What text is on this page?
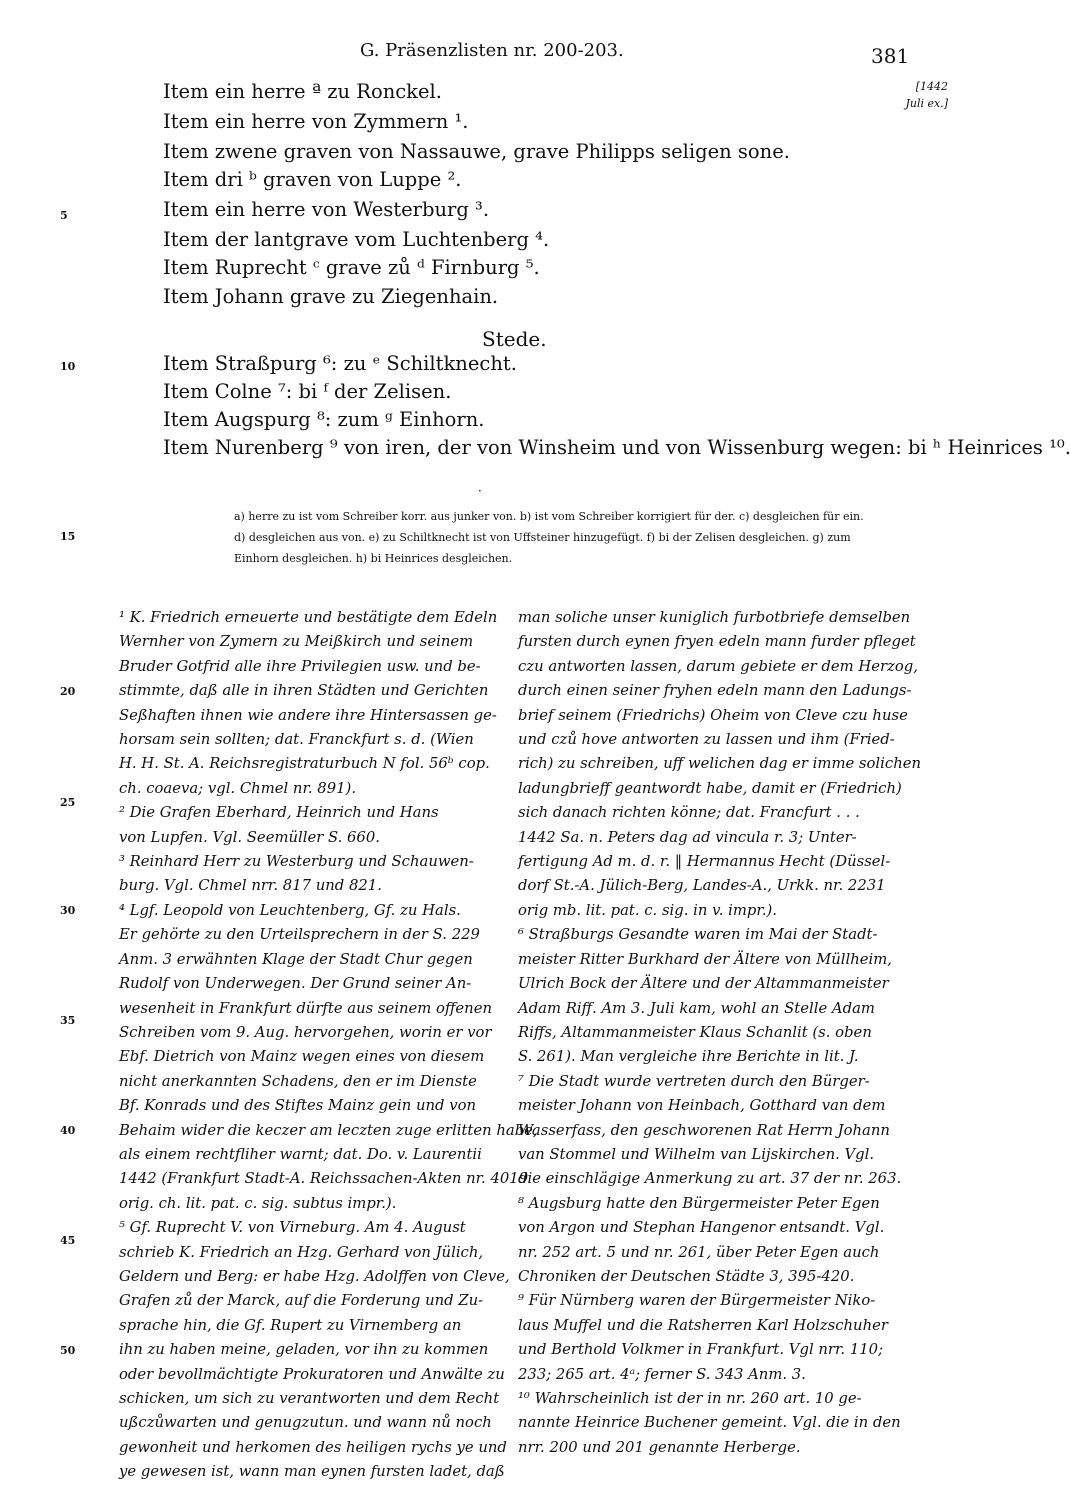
G. Präsenzlisten nr. 200-203.	381
[1442
Juli ex.]
Item ein herre ª zu Ronckel.
Item ein herre von Zymmern ¹.
Item zwene graven von Nassauwe, grave Philipps seligen sone.
Item dri ᵇ graven von Luppe ².
Item ein herre von Westerburg ³.
Item der lantgrave vom Luchtenberg ⁴.
Item Ruprecht ᶜ grave zů ᵈ Firnburg ⁵.
Item Johann grave zu Ziegenhain.
Stede.
Item Straßpurg ⁶: zu ᵉ Schiltknecht.
Item Colne ⁷: bi ᶠ der Zelisen.
Item Augspurg ⁸: zum ᵍ Einhorn.
Item Nurenberg ⁹ von iren, der von Winsheim und von Wissenburg wegen: bi ʰ Heinrices ¹⁰.
·
5
10
15
20
25
30
35
40
45
50
a) herre zu ist vom Schreiber korr. aus junker von. b) ist vom Schreiber korrigiert für der. c) desgleichen für ein.
d) desgleichen aus von. e) zu Schiltknecht ist von Uffsteiner hinzugefügt. f) bi der Zelisen desgleichen. g) zum
Einhorn desgleichen. h) bi Heinrices desgleichen.
¹ K. Friedrich erneuerte und bestätigte dem Edeln
Wernher von Zymern zu Meißkirch und seinem
Bruder Gotfrid alle ihre Privilegien usw. und be-
stimmte, daß alle in ihren Städten und Gerichten
Seßhaften ihnen wie andere ihre Hintersassen ge-
horsam sein sollten; dat. Franckfurt s. d. (Wien
H. H. St. A. Reichsregistraturbuch N fol. 56ᵇ cop.
ch. coaeva; vgl. Chmel nr. 891).
² Die Grafen Eberhard, Heinrich und Hans
von Lupfen. Vgl. Seemüller S. 660.
³ Reinhard Herr zu Westerburg und Schauwen-
burg. Vgl. Chmel nrr. 817 und 821.
⁴ Lgf. Leopold von Leuchtenberg, Gf. zu Hals.
Er gehörte zu den Urteilsprechern in der S. 229
Anm. 3 erwähnten Klage der Stadt Chur gegen
Rudolf von Underwegen. Der Grund seiner An-
wesenheit in Frankfurt dürfte aus seinem offenen
Schreiben vom 9. Aug. hervorgehen, worin er vor
Ebf. Dietrich von Mainz wegen eines von diesem
nicht anerkannten Schadens, den er im Dienste
Bf. Konrads und des Stiftes Mainz gein und von
Behaim wider die keczer am leczten zuge erlitten habe,
als einem rechtfliher warnt; dat. Do. v. Laurentii
1442 (Frankfurt Stadt-A. Reichssachen-Akten nr. 4019
orig. ch. lit. pat. c. sig. subtus impr.).
⁵ Gf. Ruprecht V. von Virneburg. Am 4. August
schrieb K. Friedrich an Hzg. Gerhard von Jülich,
Geldern und Berg: er habe Hzg. Adolffen von Cleve,
Grafen zů der Marck, auf die Forderung und Zu-
sprache hin, die Gf. Rupert zu Virnemberg an
ihn zu haben meine, geladen, vor ihn zu kommen
oder bevollmächtigte Prokuratoren und Anwälte zu
schicken, um sich zu verantworten und dem Recht
ußczůwarten und genugzutun. und wann nů noch
gewonheit und herkomen des heiligen rychs ye und
ye gewesen ist, wann man eynen fursten ladet, daß
man soliche unser kuniglich furbotbriefe demselben
fursten durch eynen fryen edeln mann furder pfleget
czu antworten lassen, darum gebiete er dem Herzog,
durch einen seiner fryhen edeln mann den Ladungs-
brief seinem (Friedrichs) Oheim von Cleve czu huse
und czů hove antworten zu lassen und ihm (Fried-
rich) zu schreiben, uff welichen dag er imme solichen
ladungbrieff geantwordt habe, damit er (Friedrich)
sich danach richten könne; dat. Francfurt . . .
1442 Sa. n. Peters dag ad vincula r. 3; Unter-
fertigung Ad m. d. r. ‖ Hermannus Hecht (Düssel-
dorf St.-A. Jülich-Berg, Landes-A., Urkk. nr. 2231
orig mb. lit. pat. c. sig. in v. impr.).
⁶ Straßburgs Gesandte waren im Mai der Stadt-
meister Ritter Burkhard der Ältere von Müllheim,
Ulrich Bock der Ältere und der Altammanmeister
Adam Riff. Am 3. Juli kam, wohl an Stelle Adam
Riffs, Altammanmeister Klaus Schanlit (s. oben
S. 261). Man vergleiche ihre Berichte in lit. J.
⁷ Die Stadt wurde vertreten durch den Bürger-
meister Johann von Heinbach, Gotthard van dem
Wasserfass, den geschworenen Rat Herrn Johann
van Stommel und Wilhelm van Lijskirchen. Vgl.
die einschlägige Anmerkung zu art. 37 der nr. 263.
⁸ Augsburg hatte den Bürgermeister Peter Egen
von Argon und Stephan Hangenor entsandt. Vgl.
nr. 252 art. 5 und nr. 261, über Peter Egen auch
Chroniken der Deutschen Städte 3, 395-420.
⁹ Für Nürnberg waren der Bürgermeister Niko-
laus Muffel und die Ratsherren Karl Holzschuher
und Berthold Volkmer in Frankfurt. Vgl nrr. 110;
233; 265 art. 4ᵃ; ferner S. 343 Anm. 3.
¹⁰ Wahrscheinlich ist der in nr. 260 art. 10 ge-
nannte Heinrice Buchener gemeint. Vgl. die in den
nrr. 200 und 201 genannte Herberge.
